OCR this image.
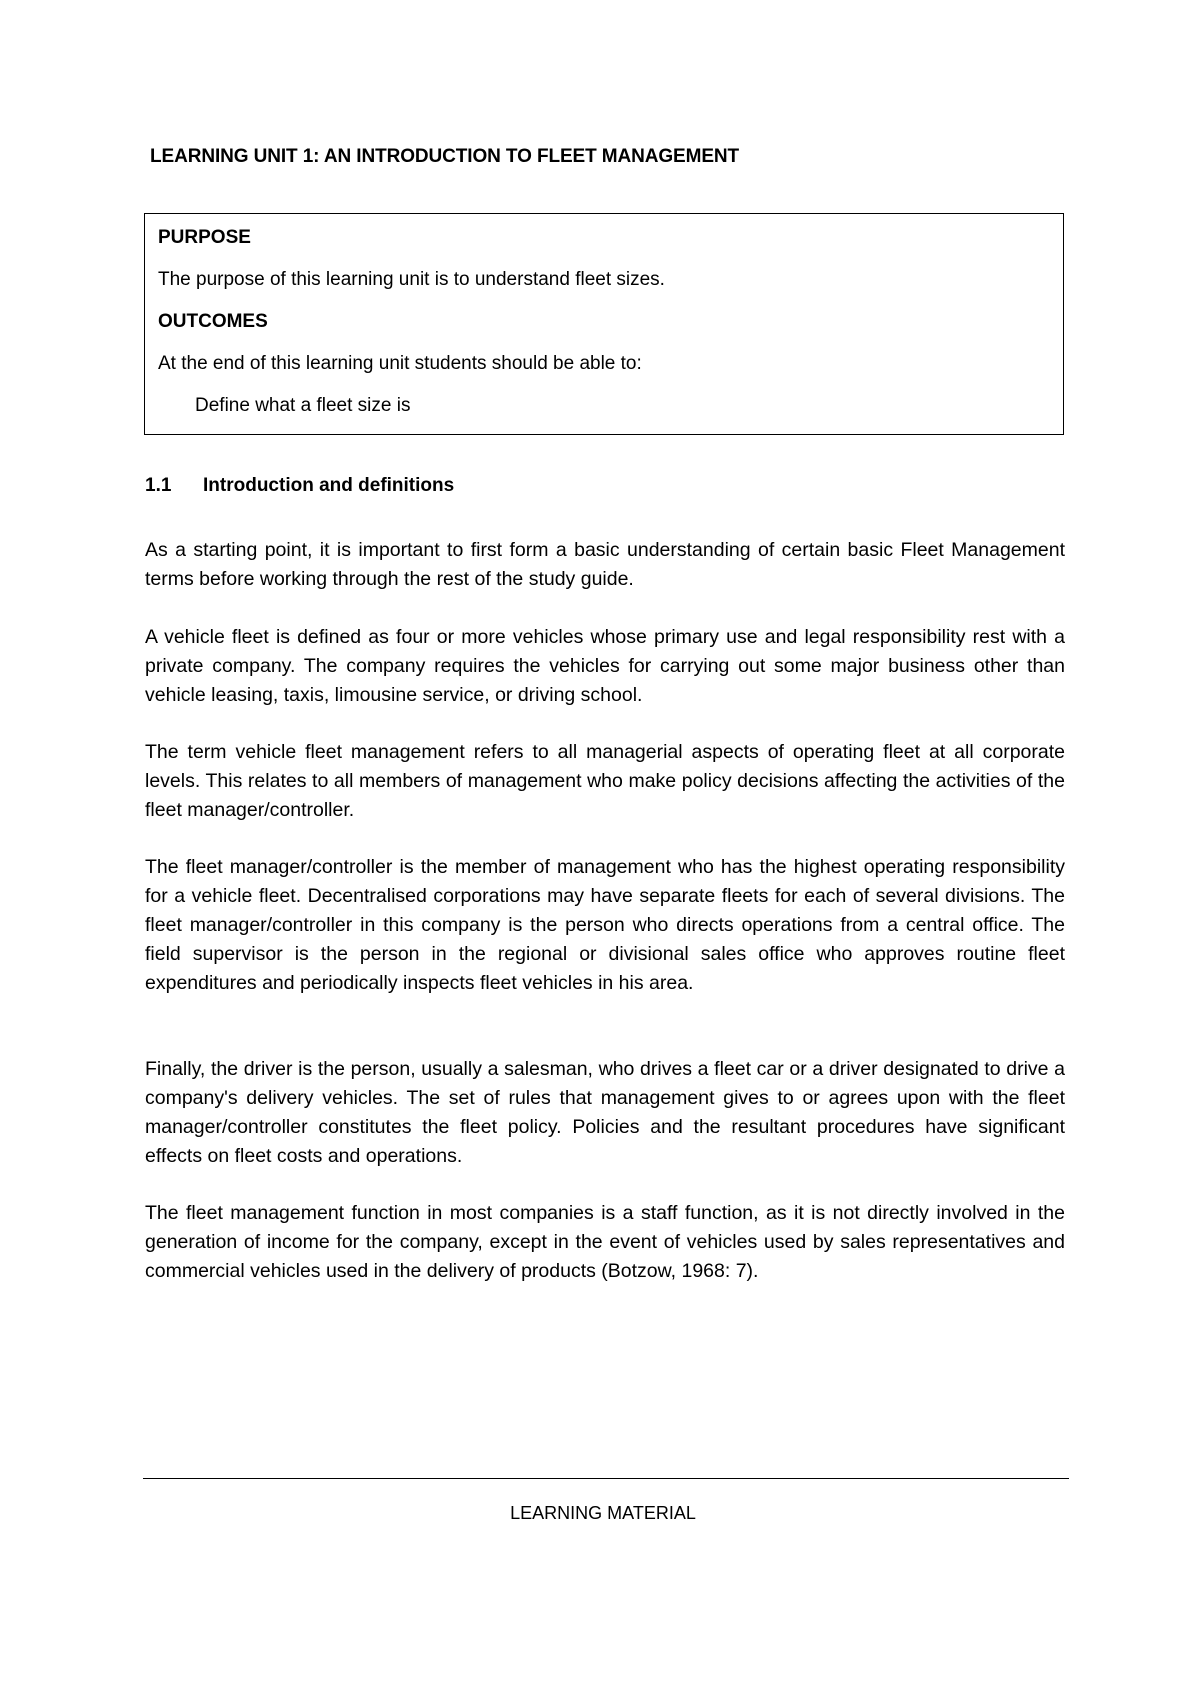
LEARNING UNIT 1: AN INTRODUCTION TO FLEET MANAGEMENT
PURPOSE
The purpose of this learning unit is to understand fleet sizes.
OUTCOMES
At the end of this learning unit students should be able to:
Define what a fleet size is
1.1 Introduction and definitions

As a starting point, it is important to first form a basic understanding of certain basic Fleet Management terms before working through the rest of the study guide.

A vehicle fleet is defined as four or more vehicles whose primary use and legal responsibility rest with a private company. The company requires the vehicles for carrying out some major business other than vehicle leasing, taxis, limousine service, or driving school.

The term vehicle fleet management refers to all managerial aspects of operating fleet at all corporate levels. This relates to all members of management who make policy decisions affecting the activities of the fleet manager/controller.

The fleet manager/controller is the member of management who has the highest operating responsibility for a vehicle fleet. Decentralised corporations may have separate fleets for each of several divisions. The fleet manager/controller in this company is the person who directs operations from a central office. The field supervisor is the person in the regional or divisional sales office who approves routine fleet expenditures and periodically inspects fleet vehicles in his area.

Finally, the driver is the person, usually a salesman, who drives a fleet car or a driver designated to drive a company's delivery vehicles. The set of rules that management gives to or agrees upon with the fleet manager/controller constitutes the fleet policy. Policies and the resultant procedures have significant effects on fleet costs and operations.

The fleet management function in most companies is a staff function, as it is not directly involved in the generation of income for the company, except in the event of vehicles used by sales representatives and commercial vehicles used in the delivery of products (Botzow, 1968: 7).

LEARNING MATERIAL
